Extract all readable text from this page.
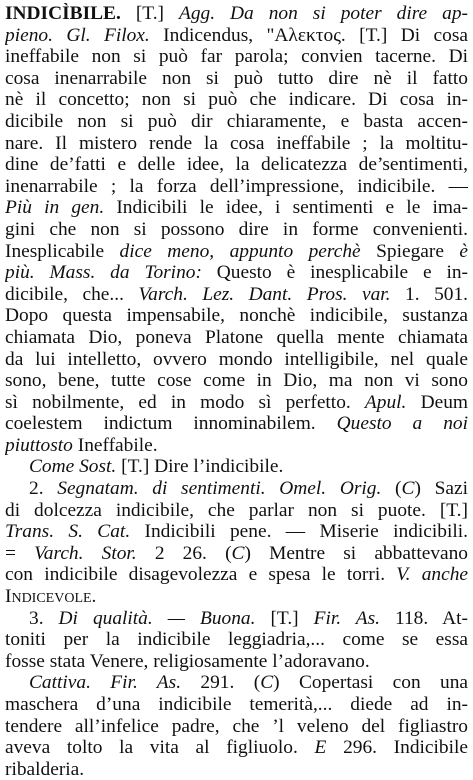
INDICÌBILE. [T.] Agg. Da non si poter dire ap-
pieno. Gl. Filox. Indicendus, "Αλεκτος. [T.] Di cosa
ineffabile non si può far parola; convien tacerne. Di
cosa inenarrabile non si può tutto dire nè il fatto
nè il concetto; non si può che indicare. Di cosa in-
dicibile non si può dir chiaramente, e basta accen-
nare. Il mistero rende la cosa ineffabile ; la moltitu-
dine de’fatti e delle idee, la delicatezza de’sentimenti,
inenarrabile ; la forza dell’impressione, indicibile. —
Più in gen. Indicibili le idee, i sentimenti e le ima-
gini che non si possono dire in forme convenienti.
Inesplicabile dice meno, appunto perchè Spiegare è
più. Mass. da Torino: Questo è inesplicabile e in-
dicibile, che... Varch. Lez. Dant. Pros. var. 1. 501.
Dopo questa impensabile, nonchè indicibile, sustanza
chiamata Dio, poneva Platone quella mente chiamata
da lui intelletto, ovvero mondo intelligibile, nel quale
sono, bene, tutte cose come in Dio, ma non vi sono
sì nobilmente, ed in modo sì perfetto. Apul. Deum
coelestem indictum innominabilem. Questo a noi
piuttosto Ineffabile.
Come Sost. [T.] Dire l’indicibile.
2. Segnatam. di sentimenti. Omel. Orig. (C) Sazi
di dolcezza indicibile, che parlar non si puote. [T.]
Trans. S. Cat. Indicibili pene. — Miserie indicibili.
= Varch. Stor. 2 26. (C) Mentre si abbattevano
con indicibile disagevolezza e spesa le torri. V. anche
Indicevole.
3. Di qualità. — Buona. [T.] Fir. As. 118. At-
toniti per la indicibile leggiadria,... come se essa
fosse stata Venere, religiosamente l’adoravano.
Cattiva. Fir. As. 291. (C) Copertasi con una
maschera d’una indicibile temerità,... diede ad in-
tendere all’infelice padre, che ’l veleno del figliastro
aveva tolto la vita al figliuolo. E 296. Indicibile
ribalderia.
